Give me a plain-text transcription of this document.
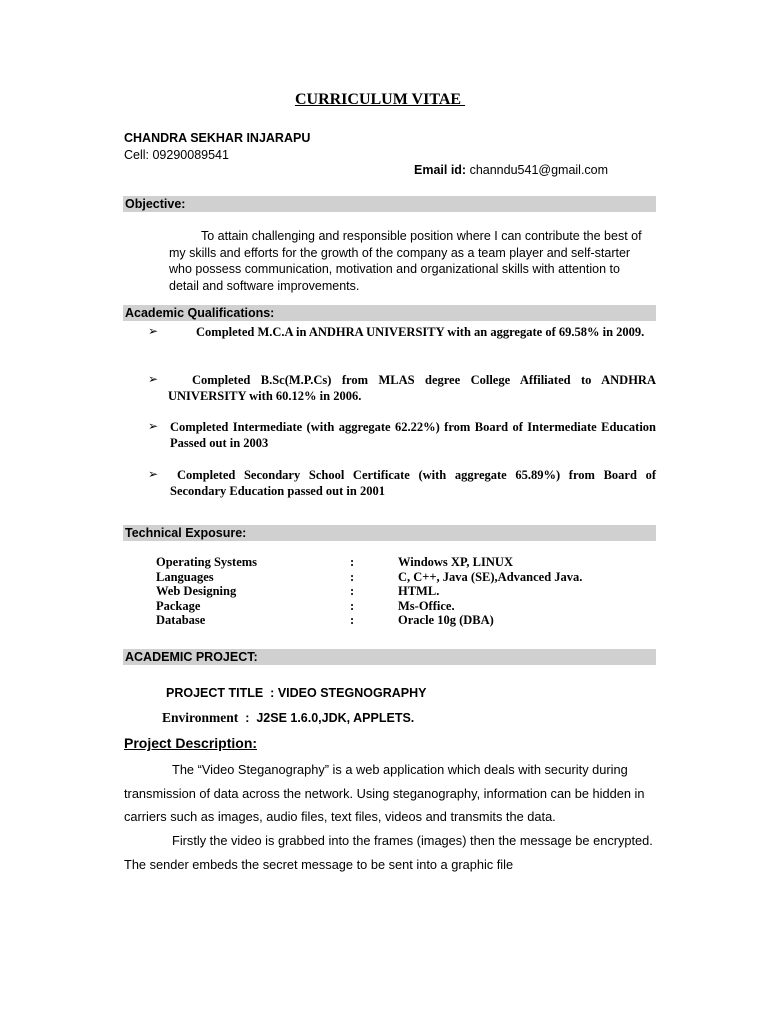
CURRICULUM VITAE
CHANDRA SEKHAR INJARAPU
Cell: 09290089541
Email id: channdu541@gmail.com
Objective:
To attain challenging and responsible position where I can contribute the best of my skills and efforts for the growth of the company as a team player and self-starter who possess communication, motivation and organizational skills with attention to detail and software improvements.
Academic Qualifications:
➢	Completed M.C.A in ANDHRA UNIVERSITY with an aggregate of 69.58% in 2009.
➢	Completed B.Sc(M.P.Cs) from MLAS degree College Affiliated to ANDHRA UNIVERSITY with 60.12% in 2006.
➢ Completed Intermediate (with aggregate 62.22%) from Board of Intermediate Education Passed out in 2003
➢	Completed Secondary School Certificate (with aggregate 65.89%) from Board of Secondary Education passed out in 2001
Technical Exposure:
Operating Systems	:	Windows XP, LINUX
Languages	:	C, C++, Java (SE),Advanced Java.
Web Designing	:	HTML.
Package	:	Ms-Office.
Database	:	Oracle 10g (DBA)
ACADEMIC PROJECT:
PROJECT TITLE  : VIDEO STEGNOGRAPHY
Environment  :  J2SE 1.6.0,JDK, APPLETS.
Project Description:

The “Video Steganography” is a web application which deals with security during transmission of data across the network. Using steganography, information can be hidden in carriers such as images, audio files, text files, videos and transmits the data.

Firstly the video is grabbed into the frames (images) then the message be encrypted. The sender embeds the secret message to be sent into a graphic file
